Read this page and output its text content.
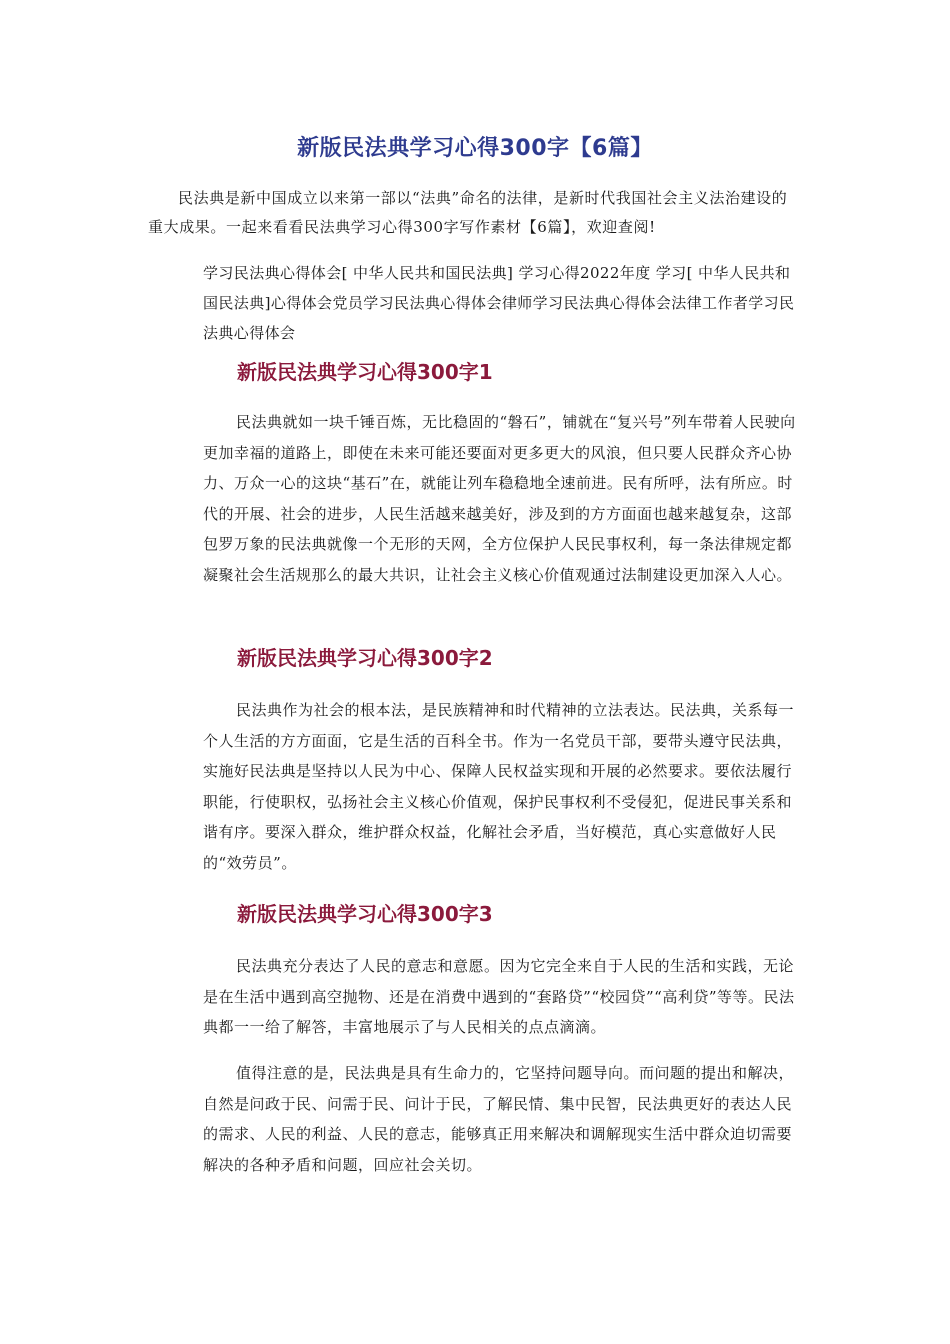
新版民法典学习心得300字【6篇】

民法典是新中国成立以来第一部以“法典”命名的法律，是新时代我国社会主义法治建设的重大成果。一起来看看民法典学习心得300字写作素材【6篇】，欢迎查阅!

学习民法典心得体会[ 中华人民共和国民法典] 学习心得2022年度 学习[ 中华人民共和国民法典]心得体会党员学习民法典心得体会律师学习民法典心得体会法律工作者学习民法典心得体会

新版民法典学习心得300字1

民法典就如一块千锤百炼，无比稳固的“磐石”，铺就在“复兴号”列车带着人民驶向更加幸福的道路上，即使在未来可能还要面对更多更大的风浪，但只要人民群众齐心协力、万众一心的这块“基石”在，就能让列车稳稳地全速前进。民有所呼，法有所应。时代的开展、社会的进步，人民生活越来越美好，涉及到的方方面面也越来越复杂，这部包罗万象的民法典就像一个无形的天网，全方位保护人民民事权利，每一条法律规定都凝聚社会生活规那么的最大共识，让社会主义核心价值观通过法制建设更加深入人心。

新版民法典学习心得300字2

民法典作为社会的根本法，是民族精神和时代精神的立法表达。民法典，关系每一个人生活的方方面面，它是生活的百科全书。作为一名党员干部，要带头遵守民法典，实施好民法典是坚持以人民为中心、保障人民权益实现和开展的必然要求。要依法履行职能，行使职权，弘扬社会主义核心价值观，保护民事权利不受侵犯，促进民事关系和谐有序。要深入群众，维护群众权益，化解社会矛盾，当好模范，真心实意做好人民的“效劳员”。

新版民法典学习心得300字3

民法典充分表达了人民的意志和意愿。因为它完全来自于人民的生活和实践，无论是在生活中遇到高空抛物、还是在消费中遇到的“套路贷”“校园贷”“高利贷”等等。民法典都一一给了解答，丰富地展示了与人民相关的点点滴滴。

值得注意的是，民法典是具有生命力的，它坚持问题导向。而问题的提出和解决，自然是问政于民、问需于民、问计于民，了解民情、集中民智，民法典更好的表达人民的需求、人民的利益、人民的意志，能够真正用来解决和调解现实生活中群众迫切需要解决的各种矛盾和问题，回应社会关切。
